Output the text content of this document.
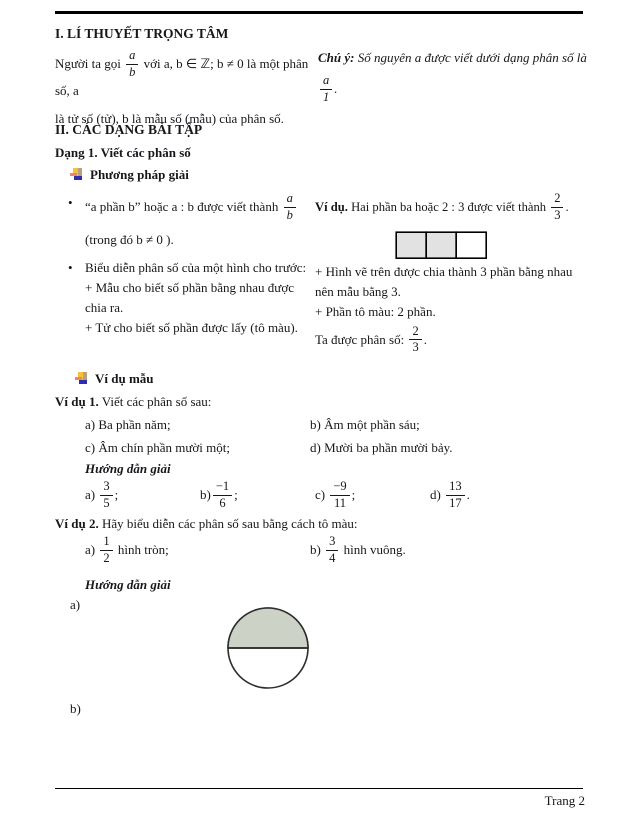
I. LÍ THUYẾT TRỌNG TÂM
Người ta gọi $\frac{a}{b}$ với a, b ∈ ℤ; b ≠ 0 là một phân số, a
là tử số (tử), b là mẫu số (mẫu) của phân số.
Chú ý: Số nguyên a được viết dưới dạng phân số là
$\frac{a}{1}$ .
II. CÁC DẠNG BÀI TẬP
Dạng 1. Viết các phân số
Phương pháp giải
• “a phần b” hoặc a : b được viết thành $\frac{a}{b}$
(trong đó b ≠ 0 ).
• Biểu diễn phân số của một hình cho trước:
+ Mẫu cho biết số phần bằng nhau được chia ra.
+ Tử cho biết số phần được lấy (tô màu).
Ví dụ. Hai phần ba hoặc 2 : 3 được viết thành $\frac{2}{3}$ .
+ Hình vẽ trên được chia thành 3 phần bằng nhau
nên mẫu bằng 3.
+ Phần tô màu: 2 phần.
Ta được phân số: $\frac{2}{3}$ .
Ví dụ mẫu
Ví dụ 1. Viết các phân số sau:
a) Ba phần năm;	b) Âm một phần sáu;
c) Âm chín phần mười một;	d) Mười ba phần mười bảy.
Hướng dẫn giải
$a) \frac{3}{5}$ ;	$b) \frac{-1}{6}$ ;	$c) \frac{-9}{11}$ ;	$d) \frac{13}{17}$ .
Ví dụ 2. Hãy biểu diễn các phân số sau bằng cách tô màu:
$a) \frac{1}{2}$ hình tròn;	$b) \frac{3}{4}$ hình vuông.
Hướng dẫn giải
a)
b)
Trang 2
